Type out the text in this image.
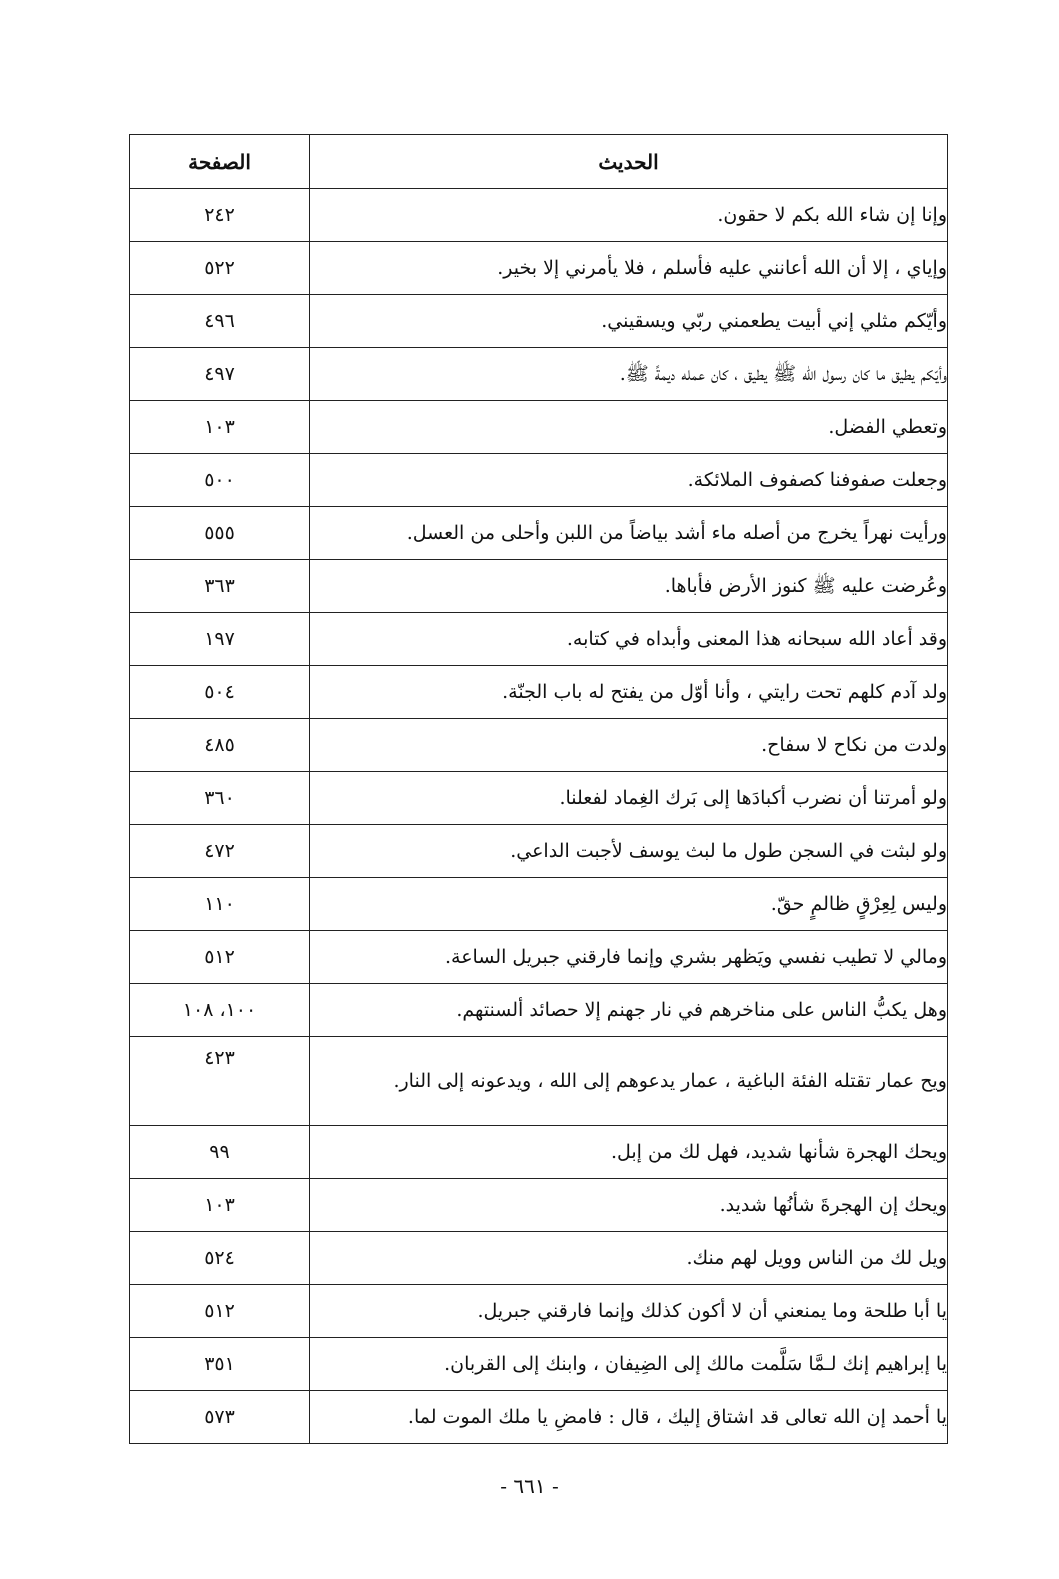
الحديث	الصفحة
وإنا إن شاء الله بكم لا حقون.	٢٤٢
وإياي ، إلا أن الله أعانني عليه فأسلم ، فلا يأمرني إلا بخير.	٥٢٢
وأيّكم مثلي إني أبيت يطعمني ربّي ويسقيني.	٤٩٦
وأيّكم يطيق ما كان رسول الله ﷺ يطيق ، كان عمله ديمةً ﷺ.	٤٩٧
وتعطي الفضل.	١٠٣
وجعلت صفوفنا كصفوف الملائكة.	٥٠٠
ورأيت نهراً يخرج من أصله ماء أشد بياضاً من اللبن وأحلى من العسل.	٥٥٥
وعُرضت عليه ﷺ كنوز الأرض فأباها.	٣٦٣
وقد أعاد الله سبحانه هذا المعنى وأبداه في كتابه.	١٩٧
ولد آدم كلهم تحت رايتي ، وأنا أوّل من يفتح له باب الجنّة.	٥٠٤
ولدت من نكاح لا سفاح.	٤٨٥
ولو أمرتنا أن نضرب أكبادَها إلى بَرك الغِماد لفعلنا.	٣٦٠
ولو لبثت في السجن طول ما لبث يوسف لأجبت الداعي.	٤٧٢
وليس لِعِرْقٍ ظالمٍ حقّ.	١١٠
ومالي لا تطيب نفسي ويَظهر بشري وإنما فارقني جبريل الساعة.	٥١٢
وهل يكبُّ الناس على مناخرهم في نار جهنم إلا حصائد ألسنتهم.	١٠٠، ١٠٨
ويح عمار تقتله الفئة الباغية ، عمار يدعوهم إلى الله ، ويدعونه إلى النار.	٤٢٣
ويحك الهجرة شأنها شديد، فهل لك من إبل.	٩٩
ويحك إن الهجرةَ شأنُها شديد.	١٠٣
ويل لك من الناس وويل لهم منك.	٥٢٤
يا أبا طلحة وما يمنعني أن لا أكون كذلك وإنما فارقني جبريل.	٥١٢
يا إبراهيم إنك لـمَّا سَلَّمت مالك إلى الضِيفان ، وابنك إلى القربان.	٣٥١
يا أحمد إن الله تعالى قد اشتاق إليك ، قال : فامضِ يا ملك الموت لما.	٥٧٣
- ٦٦١ -
